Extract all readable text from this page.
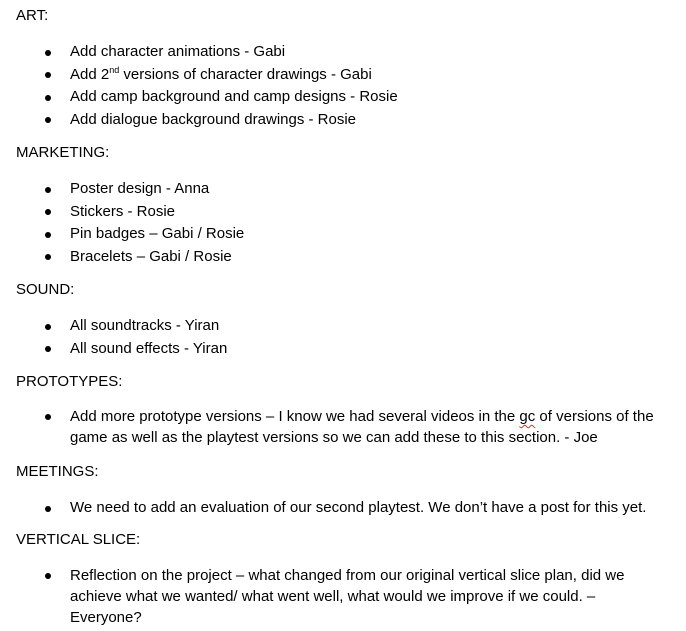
ART:
Add character animations - Gabi
Add 2nd versions of character drawings - Gabi
Add camp background and camp designs - Rosie
Add dialogue background drawings - Rosie
MARKETING:
Poster design - Anna
Stickers - Rosie
Pin badges – Gabi / Rosie
Bracelets – Gabi / Rosie
SOUND:
All soundtracks - Yiran
All sound effects - Yiran
PROTOTYPES:
Add more prototype versions – I know we had several videos in the gc of versions of the
game as well as the playtest versions so we can add these to this section. - Joe
MEETINGS:
We need to add an evaluation of our second playtest. We don’t have a post for this yet.
VERTICAL SLICE:
Reflection on the project – what changed from our original vertical slice plan, did we
achieve what we wanted/ what went well, what would we improve if we could. –
Everyone?
